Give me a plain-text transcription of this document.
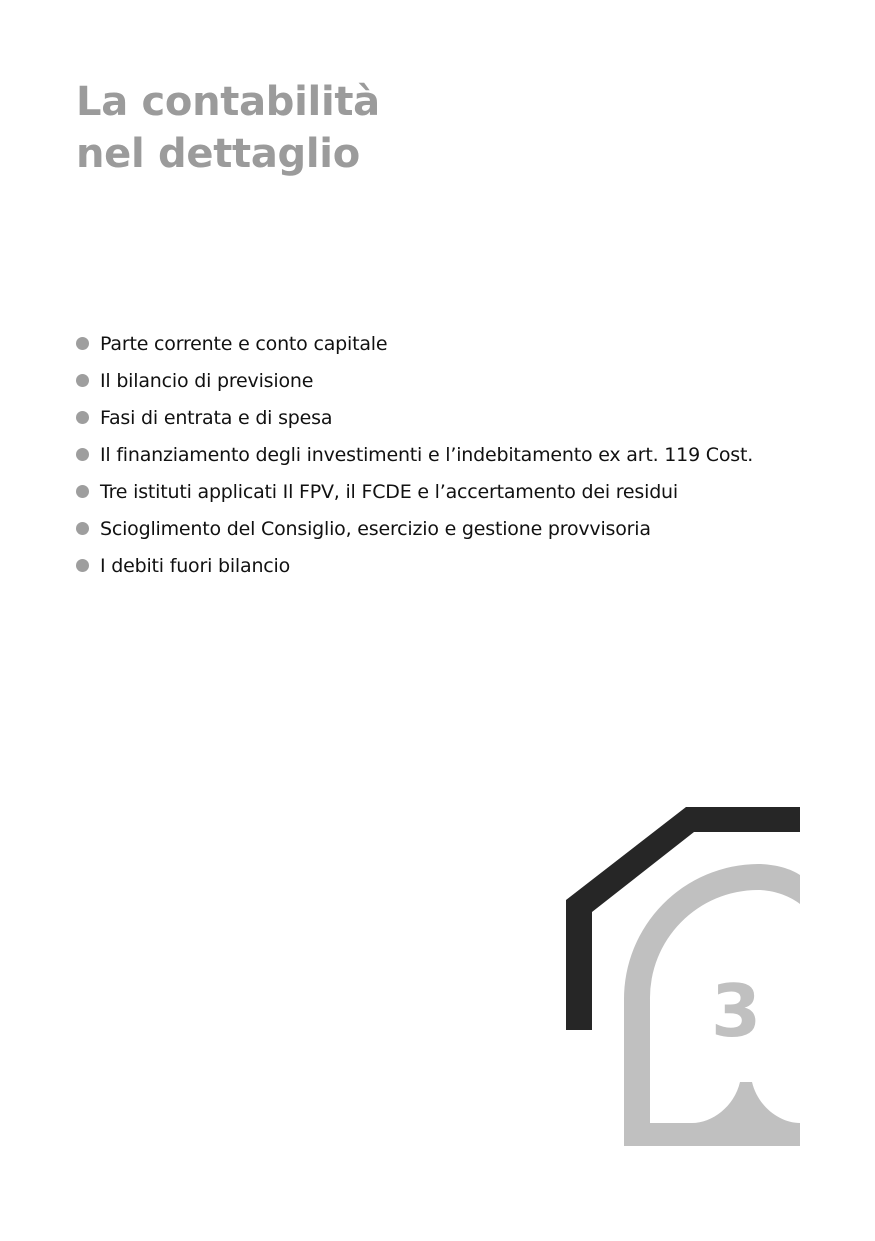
La contabilità
nel dettaglio
Parte corrente e conto capitale
Il bilancio di previsione
Fasi di entrata e di spesa
Il finanziamento degli investimenti e l’indebitamento ex art. 119 Cost.
Tre istituti applicati Il FPV, il FCDE e l’accertamento dei residui
Scioglimento del Consiglio, esercizio e gestione provvisoria
I debiti fuori bilancio
3
